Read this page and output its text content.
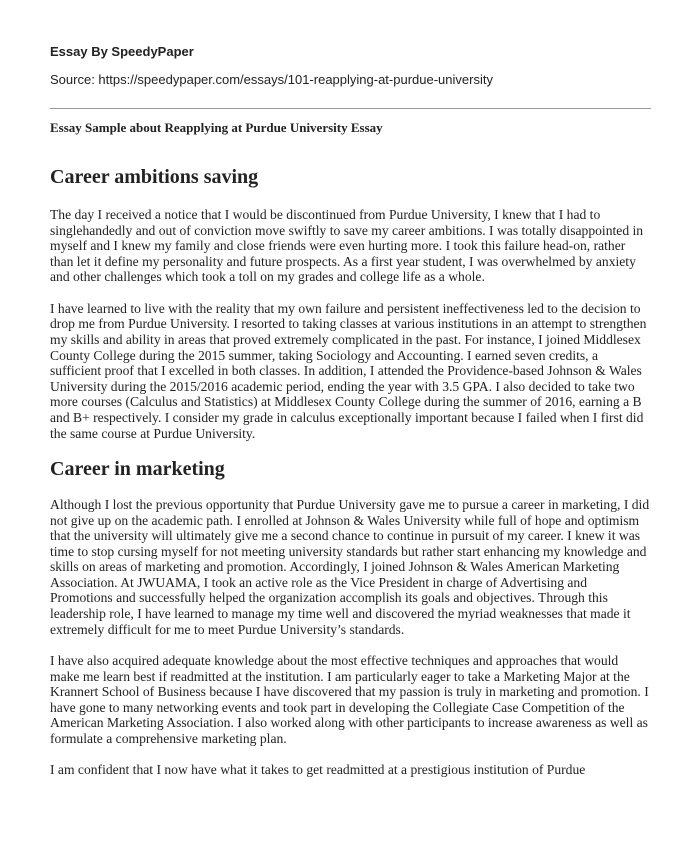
Essay By SpeedyPaper
Source: https://speedypaper.com/essays/101-reapplying-at-purdue-university
Essay Sample about Reapplying at Purdue University Essay
Career ambitions saving

The day I received a notice that I would be discontinued from Purdue University, I knew that I had to singlehandedly and out of conviction move swiftly to save my career ambitions. I was totally disappointed in myself and I knew my family and close friends were even hurting more. I took this failure head-on, rather than let it define my personality and future prospects. As a first year student, I was overwhelmed by anxiety and other challenges which took a toll on my grades and college life as a whole.

I have learned to live with the reality that my own failure and persistent ineffectiveness led to the decision to drop me from Purdue University. I resorted to taking classes at various institutions in an attempt to strengthen my skills and ability in areas that proved extremely complicated in the past. For instance, I joined Middlesex County College during the 2015 summer, taking Sociology and Accounting. I earned seven credits, a sufficient proof that I excelled in both classes. In addition, I attended the Providence-based Johnson & Wales University during the 2015/2016 academic period, ending the year with 3.5 GPA. I also decided to take two more courses (Calculus and Statistics) at Middlesex County College during the summer of 2016, earning a B and B+ respectively. I consider my grade in calculus exceptionally important because I failed when I first did the same course at Purdue University.

Career in marketing

Although I lost the previous opportunity that Purdue University gave me to pursue a career in marketing, I did not give up on the academic path. I enrolled at Johnson & Wales University while full of hope and optimism that the university will ultimately give me a second chance to continue in pursuit of my career. I knew it was time to stop cursing myself for not meeting university standards but rather start enhancing my knowledge and skills on areas of marketing and promotion. Accordingly, I joined Johnson & Wales American Marketing Association. At JWUAMA, I took an active role as the Vice President in charge of Advertising and Promotions and successfully helped the organization accomplish its goals and objectives. Through this leadership role, I have learned to manage my time well and discovered the myriad weaknesses that made it extremely difficult for me to meet Purdue University’s standards.

I have also acquired adequate knowledge about the most effective techniques and approaches that would make me learn best if readmitted at the institution. I am particularly eager to take a Marketing Major at the Krannert School of Business because I have discovered that my passion is truly in marketing and promotion. I have gone to many networking events and took part in developing the Collegiate Case Competition of the American Marketing Association. I also worked along with other participants to increase awareness as well as formulate a comprehensive marketing plan.

I am confident that I now have what it takes to get readmitted at a prestigious institution of Purdue
